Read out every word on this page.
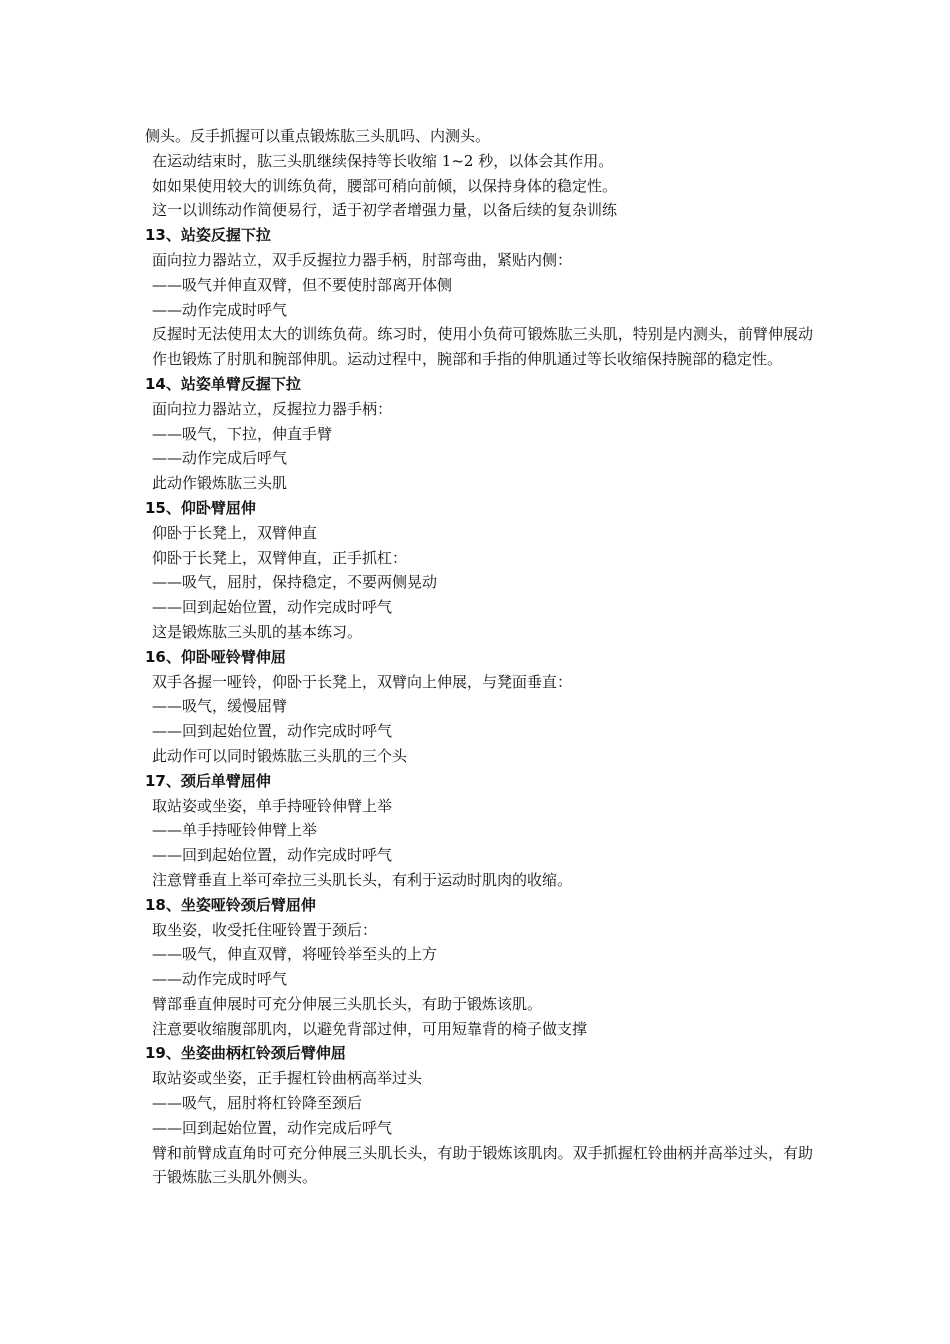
侧头。反手抓握可以重点锻炼肱三头肌吗、内测头。
在运动结束时，肱三头肌继续保持等长收缩 1~2 秒，以体会其作用。
如如果使用较大的训练负荷，腰部可稍向前倾，以保持身体的稳定性。
这一以训练动作简便易行，适于初学者增强力量，以备后续的复杂训练
13、站姿反握下拉
面向拉力器站立，双手反握拉力器手柄，肘部弯曲，紧贴内侧：
——吸气并伸直双臂，但不要使肘部离开体侧
——动作完成时呼气
反握时无法使用太大的训练负荷。练习时，使用小负荷可锻炼肱三头肌，特别是内测头，前臂伸展动作也锻炼了肘肌和腕部伸肌。运动过程中，腕部和手指的伸肌通过等长收缩保持腕部的稳定性。
14、站姿单臂反握下拉
面向拉力器站立，反握拉力器手柄：
——吸气，下拉，伸直手臂
——动作完成后呼气
此动作锻炼肱三头肌
15、仰卧臂屈伸
仰卧于长凳上，双臂伸直
仰卧于长凳上，双臂伸直，正手抓杠：
——吸气，屈肘，保持稳定，不要两侧晃动
——回到起始位置，动作完成时呼气
这是锻炼肱三头肌的基本练习。
16、仰卧哑铃臂伸屈
双手各握一哑铃，仰卧于长凳上，双臂向上伸展，与凳面垂直：
——吸气，缓慢屈臂
——回到起始位置，动作完成时呼气
此动作可以同时锻炼肱三头肌的三个头
17、颈后单臂屈伸
取站姿或坐姿，单手持哑铃伸臂上举
——单手持哑铃伸臂上举
——回到起始位置，动作完成时呼气
注意臂垂直上举可牵拉三头肌长头，有利于运动时肌肉的收缩。
18、坐姿哑铃颈后臂屈伸
取坐姿，收受托住哑铃置于颈后：
——吸气，伸直双臂，将哑铃举至头的上方
——动作完成时呼气
臂部垂直伸展时可充分伸展三头肌长头，有助于锻炼该肌。
注意要收缩腹部肌肉，以避免背部过伸，可用短靠背的椅子做支撑
19、坐姿曲柄杠铃颈后臂伸屈
取站姿或坐姿，正手握杠铃曲柄高举过头
——吸气，屈肘将杠铃降至颈后
——回到起始位置，动作完成后呼气
臂和前臂成直角时可充分伸展三头肌长头，有助于锻炼该肌肉。双手抓握杠铃曲柄并高举过头，有助于锻炼肱三头肌外侧头。
